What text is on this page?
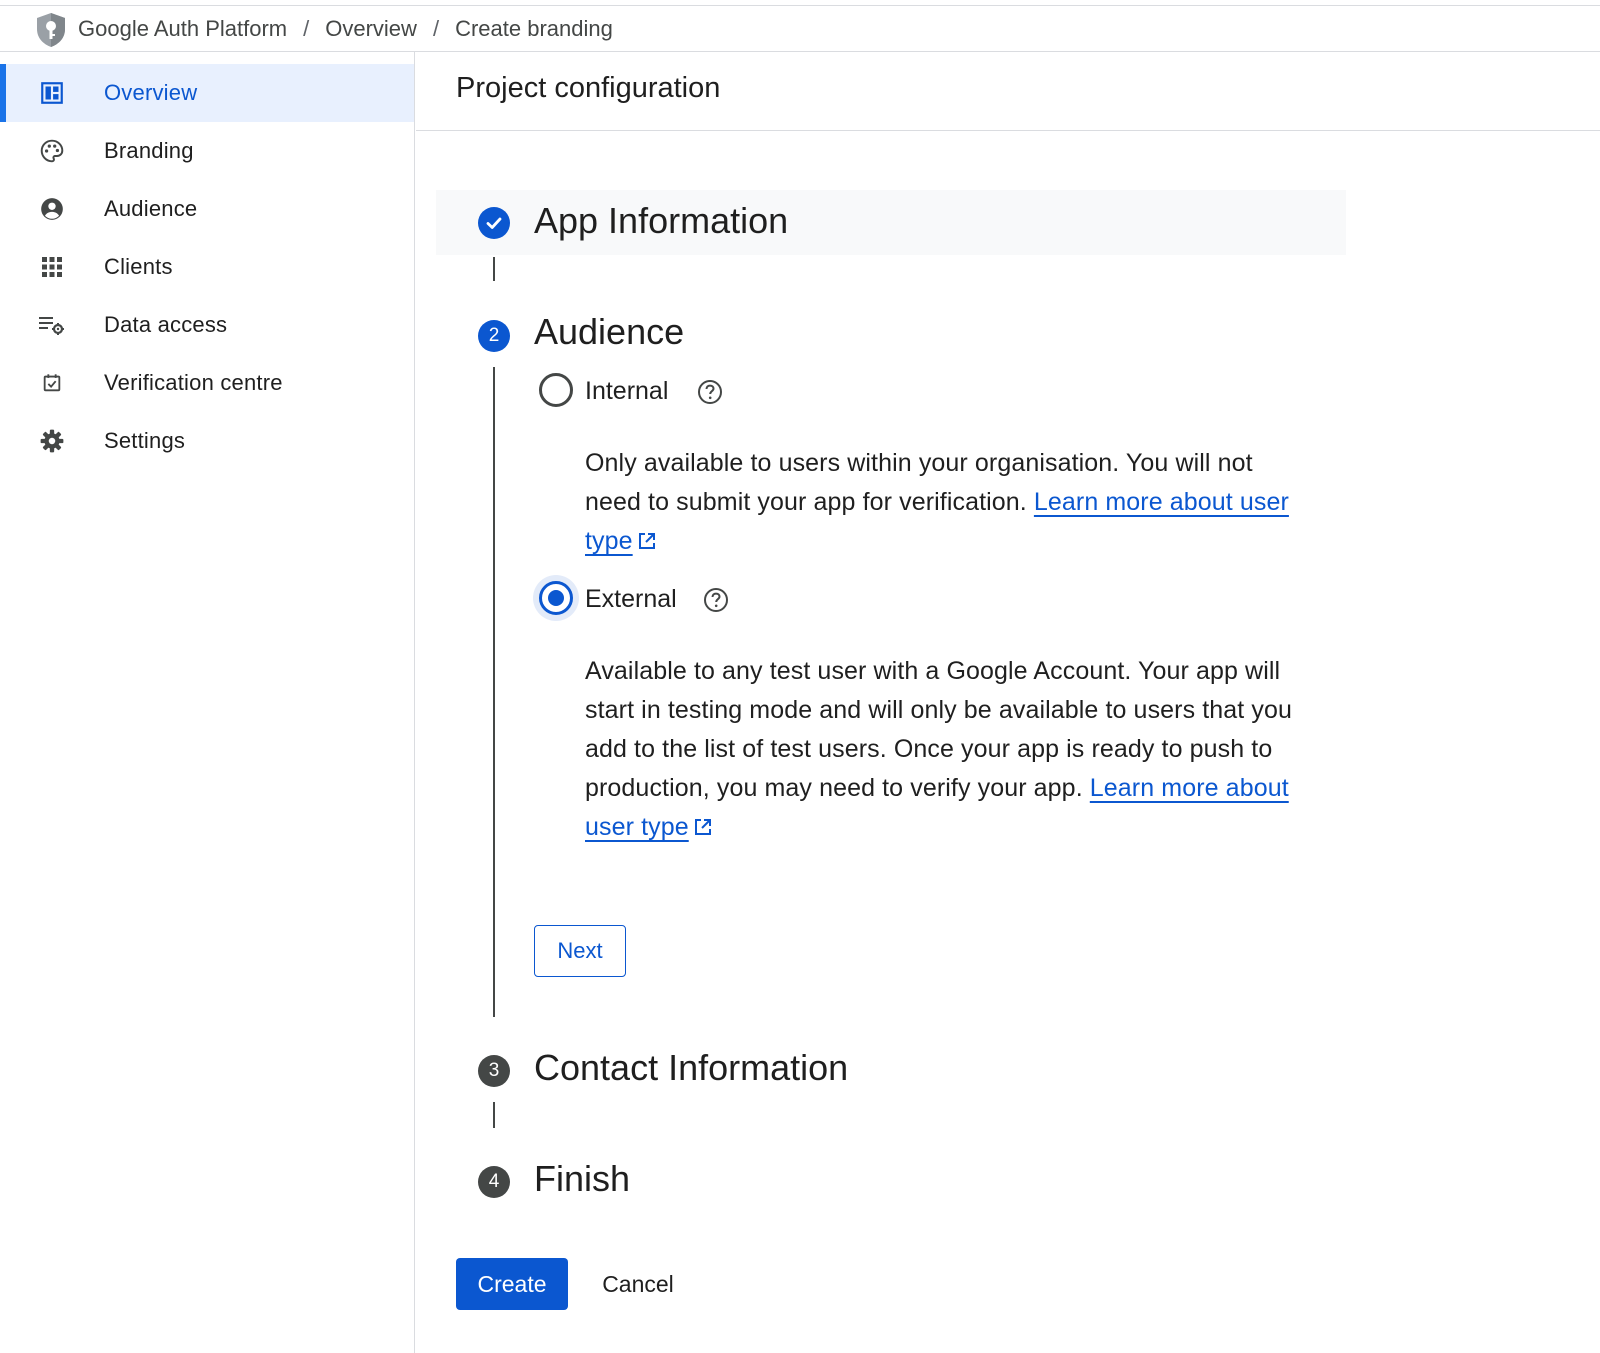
Google Auth Platform / Overview / Create branding
Overview
Branding
Audience
Clients
Data access
Verification centre
Settings
Project configuration
App Information
2 Audience
Internal
Only available to users within your organisation. You will not need to submit your app for verification. Learn more about user type
External
Available to any test user with a Google Account. Your app will start in testing mode and will only be available to users that you add to the list of test users. Once your app is ready to push to production, you may need to verify your app. Learn more about user type
Next
3 Contact Information
4 Finish
Create	Cancel
